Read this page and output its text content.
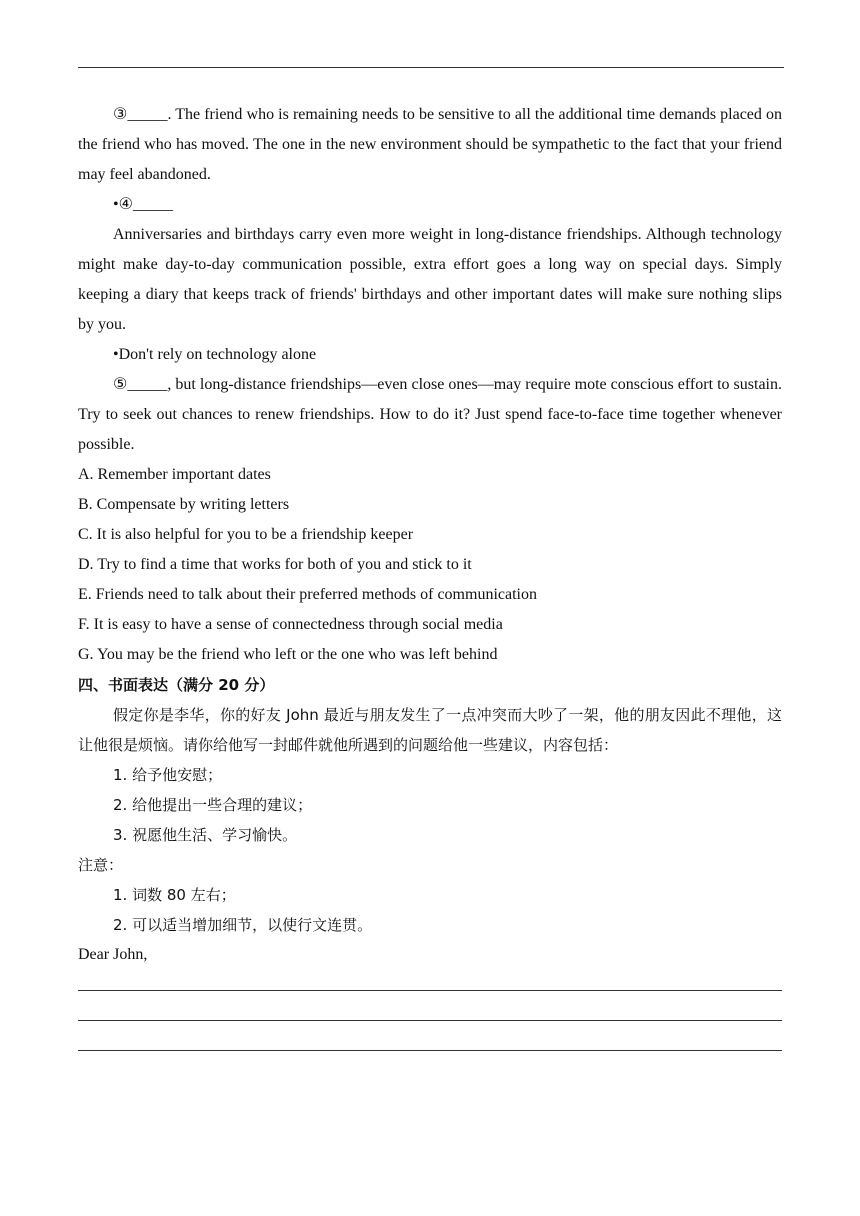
③_____. The friend who is remaining needs to be sensitive to all the additional time demands placed on the friend who has moved. The one in the new environment should be sympathetic to the fact that your friend may feel abandoned.

•④_____

Anniversaries and birthdays carry even more weight in long-distance friendships. Although technology might make day-to-day communication possible, extra effort goes a long way on special days. Simply keeping a diary that keeps track of friends' birthdays and other important dates will make sure nothing slips by you.

•Don't rely on technology alone

⑤_____, but long-distance friendships—even close ones—may require mote conscious effort to sustain. Try to seek out chances to renew friendships. How to do it? Just spend face-to-face time together whenever possible.

A. Remember important dates

B. Compensate by writing letters

C. It is also helpful for you to be a friendship keeper

D. Try to find a time that works for both of you and stick to it

E. Friends need to talk about their preferred methods of communication

F. It is easy to have a sense of connectedness through social media

G. You may be the friend who left or the one who was left behind

四、书面表达（满分 20 分）

假定你是李华，你的好友 John 最近与朋友发生了一点冲突而大吵了一架，他的朋友因此不理他，这让他很是烦恼。请你给他写一封邮件就他所遇到的问题给他一些建议，内容包括：

1. 给予他安慰；

2. 给他提出一些合理的建议；

3. 祝愿他生活、学习愉快。

注意：

1. 词数 80 左右；

2. 可以适当增加细节，以使行文连贯。

Dear John,
